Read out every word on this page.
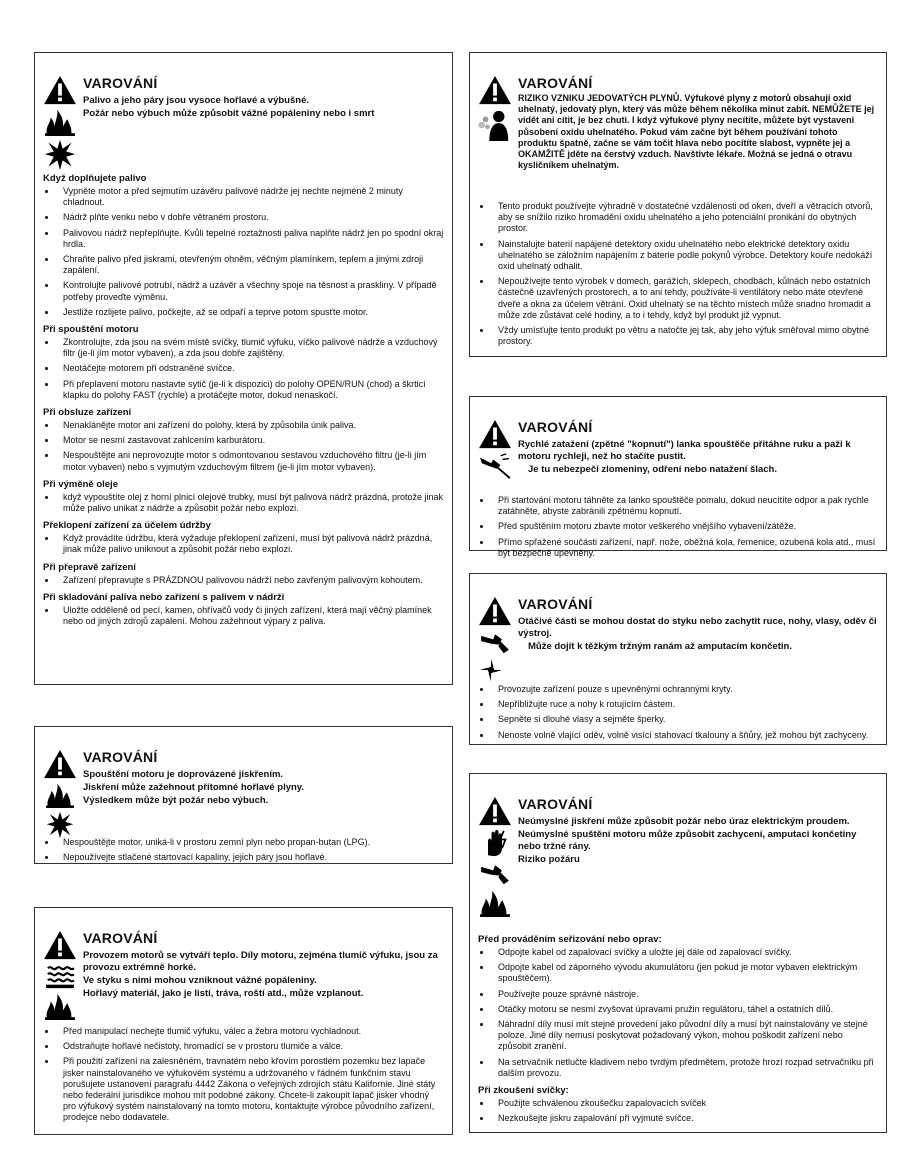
VAROVÁNÍ
Palivo a jeho páry jsou vysoce hořlavé a výbušné.
Požár nebo výbuch může způsobit vážné popáleniny nebo i smrt
Když doplňujete palivo
• Vypněte motor a před sejmutím uzávěru palivové nádrže jej nechte nejméně 2 minuty chladnout.
• Nádrž plňte venku nebo v dobře větraném prostoru.
• Palivovou nádrž nepřeplňujte. Kvůli tepelné roztažnosti paliva naplňte nádrž jen po spodní okraj hrdla.
• Chraňte palivo před jiskrami, otevřeným ohněm, věčným plamínkem, teplem a jinými zdroji zapálení.
• Kontrolujte palivové potrubí, nádrž a uzávěr a všechny spoje na těsnost a praskliny. V případě potřeby proveďte výměnu.
• Jestliže rozlijete palivo, počkejte, až se odpaří a teprve potom spusťte motor.
Při spouštění motoru
• Zkontrolujte, zda jsou na svém místě svíčky, tlumič výfuku, víčko palivové nádrže a vzduchový filtr (je-li jím motor vybaven), a zda jsou dobře zajištěny.
• Neotáčejte motorem při odstraněné svíčce.
• Při přeplavení motoru nastavte sytič (je-li k dispozici) do polohy OPEN/RUN (chod) a škrticí klapku do polohy FAST (rychle) a protáčejte motor, dokud nenaskočí.
Při obsluze zařízení
• Nenaklánějte motor ani zařízení do polohy, která by způsobila únik paliva.
• Motor se nesmí zastavovat zahlcením karburátoru.
• Nespouštějte ani neprovozujte motor s odmontovanou sestavou vzduchového filtru (je-li jím motor vybaven) nebo s vyjmutým vzduchovým filtrem (je-li jím motor vybaven).
Při výměně oleje
• když vypouštíte olej z horní plnicí olejové trubky, musí být palivová nádrž prázdná, protože jinak může palivo unikat z nádrže a způsobit požár nebo explozi.
Překlopení zařízení za účelem údržby
• Když provádíte údržbu, která vyžaduje překlopení zařízení, musí být palivová nádrž prázdná, jinak může palivo uniknout a způsobit požár nebo explozi.
Při přepravě zařízení
• Zařízení přepravujte s PRÁZDNOU palivovou nádrží nebo zavřeným palivovým kohoutem.
Při skladování paliva nebo zařízení s palivem v nádrži
• Uložte odděleně od pecí, kamen, ohřívačů vody či jiných zařízení, která mají věčný plamínek nebo od jiných zdrojů zapálení. Mohou zažehnout výpary z paliva.
VAROVÁNÍ
Spouštění motoru je doprovázené jiskřením.
Jiskření může zažehnout přítomné hořlavé plyny.
Výsledkem může být požár nebo výbuch.
• Nespouštějte motor, uniká-li v prostoru zemní plyn nebo propan-butan (LPG).
• Nepoužívejte stlačené startovací kapaliny, jejich páry jsou hořlavé.
VAROVÁNÍ
Provozem motorů se vytváří teplo. Díly motoru, zejména tlumič výfuku, jsou za provozu extrémně horké.
Ve styku s nimi mohou vzniknout vážné popáleniny.
Hořlavý materiál, jako je listí, tráva, roští atd., může vzplanout.
• Před manipulací nechejte tlumič výfuku, válec a žebra motoru vychladnout.
• Odstraňujte hořlavé nečistoty, hromadící se v prostoru tlumiče a válce.
• Při použití zařízení na zalesněném, travnatém nebo křovím porostlém pozemku bez lapače jisker nainstalovaného ve výfukovém systému a udržovaného v řádném funkčním stavu porušujete ustanovení paragrafu 4442 Zákona o veřejných zdrojích státu Kalifornie. Jiné státy nebo federální jurisdikce mohou mít podobné zákony. Chcete-li zakoupit lapač jisker vhodný pro výfukový systém nainstalovaný na tomto motoru, kontaktujte výrobce původního zařízení, prodejce nebo dodavatele.
VAROVÁNÍ
RIZIKO VZNIKU JEDOVATÝCH PLYNŮ. Výfukové plyny z motorů obsahují oxid uhelnatý, jedovatý plyn, který vás může během několika minut zabít. NEMŮŽETE jej vidět ani cítit, je bez chuti. I když výfukové plyny necítíte, můžete být vystaveni působení oxidu uhelnatého. Pokud vám začne být během používání tohoto produktu špatně, začne se vám točit hlava nebo pocítíte slabost, vypněte jej a OKAMŽITĚ jděte na čerstvý vzduch. Navštivte lékaře. Možná se jedná o otravu kysličníkem uhelnatým.
• Tento produkt používejte výhradně v dostatečné vzdálenosti od oken, dveří a větracích otvorů, aby se snížilo riziko hromadění oxidu uhelnatého a jeho potenciální pronikání do obytných prostor.
• Nainstalujte baterií napájené detektory oxidu uhelnatého nebo elektrické detektory oxidu uhelnatého se záložním napájením z baterie podle pokynů výrobce. Detektory kouře nedokáží oxid uhelnatý odhalit.
• Nepoužívejte tento výrobek v domech, garážích, sklepech, chodbách, kůlnách nebo ostatních částečně uzavřených prostorech, a to ani tehdy, používáte-li ventilátory nebo máte otevřené dveře a okna za účelem větrání. Oxid uhelnatý se na těchto místech může snadno hromadit a může zde zůstávat celé hodiny, a to i tehdy, když byl produkt již vypnut.
• Vždy umísťujte tento produkt po větru a natočte jej tak, aby jeho výfuk směřoval mimo obytné prostory.
VAROVÁNÍ
Rychlé zatažení (zpětné "kopnutí") lanka spouštěče přitáhne ruku a paži k motoru rychleji, než ho stačíte pustit.
Je tu nebezpečí zlomeniny, odření nebo natažení šlach.
• Při startování motoru táhněte za lanko spouštěče pomalu, dokud neucítíte odpor a pak rychle zatáhněte, abyste zabránili zpětnému kopnutí.
• Před spuštěním motoru zbavte motor veškerého vnějšího vybavení/zátěže.
• Přímo spřažené součásti zařízení, např. nože, oběžná kola, řemenice, ozubená kola atd., musí být bezpečně upevněny.
VAROVÁNÍ
Otáčivé části se mohou dostat do styku nebo zachytit ruce, nohy, vlasy, oděv či výstroj.
Může dojít k těžkým tržným ranám až amputacím končetin.
• Provozujte zařízení pouze s upevněnými ochrannými kryty.
• Nepřibližujte ruce a nohy k rotujícím částem.
• Sepněte si dlouhé vlasy a sejměte šperky.
• Nenoste volně vlající oděv, volně visící stahovací tkalouny a šňůry, jež mohou být zachyceny.
VAROVÁNÍ
Neúmyslné jiskření může způsobit požár nebo úraz elektrickým proudem.
Neúmyslné spuštění motoru může způsobit zachycení, amputaci končetiny nebo tržné rány.
Riziko požáru
Před prováděním seřizování nebo oprav:
• Odpojte kabel od zapalovací svíčky a uložte jej dále od zapalovací svíčky.
• Odpojte kabel od záporného vývodu akumulátoru (jen pokud je motor vybaven elektrickým spouštěčem).
• Používejte pouze správné nástroje.
• Otáčky motoru se nesmí zvyšovat úpravami pružin regulátoru, táhel a ostatních dílů.
• Náhradní díly musí mít stejné provedení jako původní díly a musí být nainstalovány ve stejné poloze. Jiné díly nemusí poskytovat požadovaný výkon, mohou poškodit zařízení nebo způsobit zranění.
• Na setrvačník netlučte kladivem nebo tvrdým předmětem, protože hrozí rozpad setrvačníku při dalším provozu.
Při zkoušení svíčky:
• Použijte schválenou zkoušečku zapalovacích svíček
• Nezkoušejte jiskru zapalování při vyjmuté svíčce.
